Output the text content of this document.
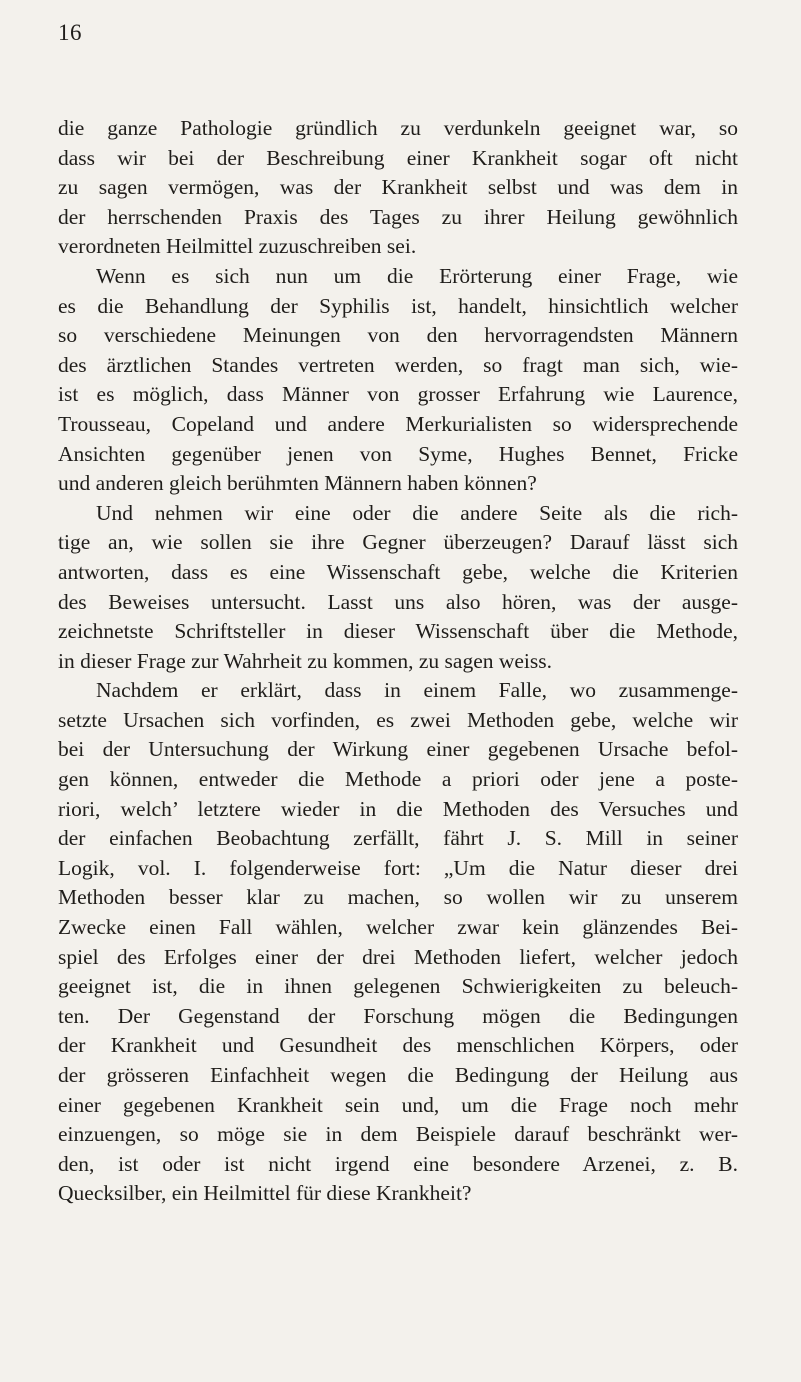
16
die ganze Pathologie gründlich zu verdunkeln geeignet war, so
dass wir bei der Beschreibung einer Krankheit sogar oft nicht
zu sagen vermögen, was der Krankheit selbst und was dem in
der herrschenden Praxis des Tages zu ihrer Heilung gewöhnlich
verordneten Heilmittel zuzuschreiben sei.
Wenn es sich nun um die Erörterung einer Frage, wie
es die Behandlung der Syphilis ist, handelt, hinsichtlich welcher
so verschiedene Meinungen von den hervorragendsten Männern
des ärztlichen Standes vertreten werden, so fragt man sich, wie-
ist es möglich, dass Männer von grosser Erfahrung wie Laurence,
Trousseau, Copeland und andere Merkurialisten so widersprechende
Ansichten gegenüber jenen von Syme, Hughes Bennet, Fricke
und anderen gleich berühmten Männern haben können?
Und nehmen wir eine oder die andere Seite als die rich-
tige an, wie sollen sie ihre Gegner überzeugen? Darauf lässt sich
antworten, dass es eine Wissenschaft gebe, welche die Kriterien
des Beweises untersucht. Lasst uns also hören, was der ausge-
zeichnetste Schriftsteller in dieser Wissenschaft über die Methode,
in dieser Frage zur Wahrheit zu kommen, zu sagen weiss.
Nachdem er erklärt, dass in einem Falle, wo zusammenge-
setzte Ursachen sich vorfinden, es zwei Methoden gebe, welche wir
bei der Untersuchung der Wirkung einer gegebenen Ursache befol-
gen können, entweder die Methode a priori oder jene a poste-
riori, welch’ letztere wieder in die Methoden des Versuches und
der einfachen Beobachtung zerfällt, fährt J. S. Mill in seiner
Logik, vol. I. folgenderweise fort: „Um die Natur dieser drei
Methoden besser klar zu machen, so wollen wir zu unserem
Zwecke einen Fall wählen, welcher zwar kein glänzendes Bei-
spiel des Erfolges einer der drei Methoden liefert, welcher jedoch
geeignet ist, die in ihnen gelegenen Schwierigkeiten zu beleuch-
ten. Der Gegenstand der Forschung mögen die Bedingungen
der Krankheit und Gesundheit des menschlichen Körpers, oder
der grösseren Einfachheit wegen die Bedingung der Heilung aus
einer gegebenen Krankheit sein und, um die Frage noch mehr
einzuengen, so möge sie in dem Beispiele darauf beschränkt wer-
den, ist oder ist nicht irgend eine besondere Arzenei, z. B.
Quecksilber, ein Heilmittel für diese Krankheit?
